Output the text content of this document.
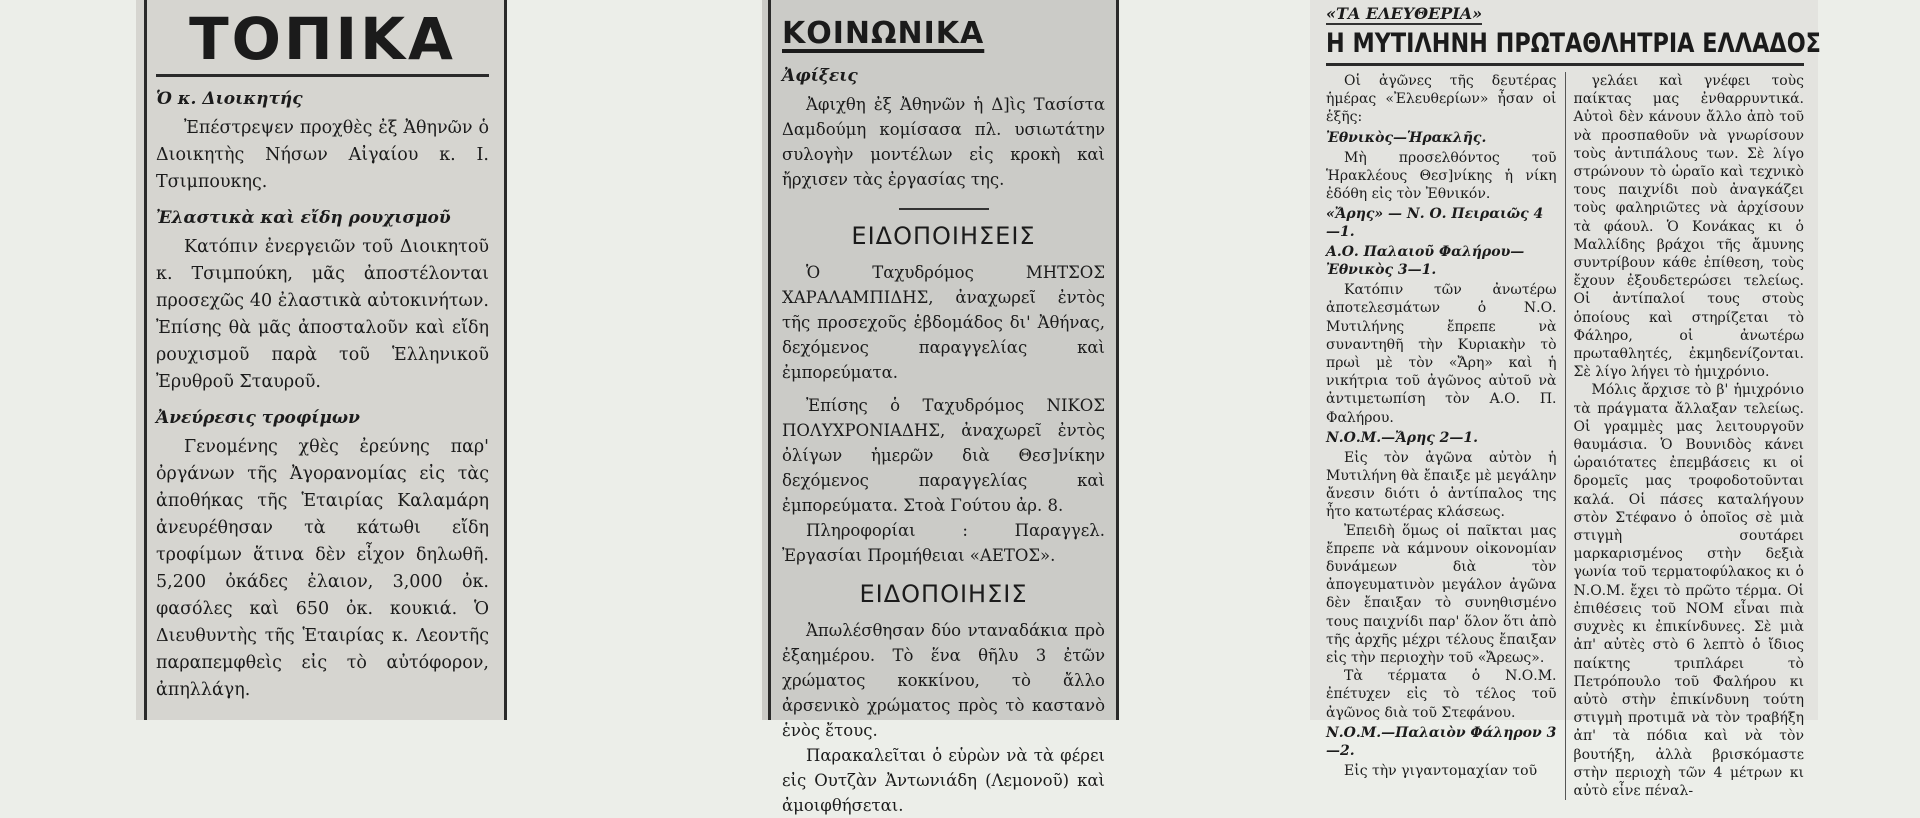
ΤΟΠΙΚΑ
Ὁ κ. Διοικητής

Ἐπέστρεψεν προχθὲς ἐξ Ἀθηνῶν ὁ Διοικητὴς Νήσων Αἰγαίου κ. Ι. Τσιμπουκης.

Ἐλαστικὰ καὶ εἴδη ρουχισμοῦ

Κατόπιν ἐνεργειῶν τοῦ Διοικητοῦ κ. Τσιμπούκη, μᾶς ἀποστέλονται προσεχῶς 40 ἐλαστικὰ αὐτοκινήτων. Ἐπίσης θὰ μᾶς ἀποσταλοῦν καὶ εἴδη ρουχισμοῦ παρὰ τοῦ Ἑλληνικοῦ Ἐρυθροῦ Σταυροῦ.

Ἀνεύρεσις τροφίμων

Γενομένης χθὲς ἐρεύνης παρ' ὀργάνων τῆς Ἀγορανομίας εἰς τὰς ἀποθήκας τῆς Ἑταιρίας Καλαμάρη ἀνευρέθησαν τὰ κάτωθι εἴδη τροφίμων ἅτινα δὲν εἶχον δηλωθῆ. 5,200 ὀκάδες ἐλαιον, 3,000 ὀκ. φασόλες καὶ 650 ὀκ. κουκιά. Ὁ Διευθυντὴς τῆς Ἑταιρίας κ. Λεοντῆς παραπεμφθεὶς εἰς τὸ αὐτόφορον, ἀπηλλάγη.

ΚΟΙΝΩΝΙΚΑ
Ἀφίξεις

Ἀφιχθη ἐξ Ἀθηνῶν ἡ Δ]ὶς Τασίστα Δαμδούμη κομίσασα πλ. υσιωτάτην συλογὴν μοντέλων εἰς κροκὴ καὶ ἤρχισεν τὰς ἐργασίας της.

ΕΙΔΟΠΟΙΗΣΕΙΣ

Ὁ Ταχυδρόμος ΜΗΤΣΟΣ ΧΑΡΑΛΑΜΠΙΔΗΣ, ἀναχωρεῖ ἐντὸς τῆς προσεχοῦς ἑβδομάδος δι' Ἀθήνας, δεχόμενος παραγγελίας καὶ ἐμπορεύματα.

Ἐπίσης ὁ Ταχυδρόμος ΝΙΚΟΣ ΠΟΛΥΧΡΟΝΙΑΔΗΣ, ἀναχωρεῖ ἐντὸς ὀλίγων ἡμερῶν διὰ Θεσ]νίκην δεχόμενος παραγγελίας καὶ ἐμπορεύματα. Στοὰ Γούτου ἀρ. 8.

Πληροφορίαι : Παραγγελ. Ἐργασίαι Προμήθειαι «ΑΕΤΟΣ».

ΕΙΔΟΠΟΙΗΣΙΣ

Ἀπωλέσθησαν δύο νταναδάκια πρὸ ἐξαημέρου. Τὸ ἕνα θῆλυ 3 ἐτῶν χρώματος κοκκίνου, τὸ ἄλλο ἀρσενικὸ χρώματος πρὸς τὸ καστανὸ ἑνὸς ἔτους.

Παρακαλεῖται ὁ εὑρὼν νὰ τὰ φέρει εἰς Ουτζὰν Ἀντωνιάδη (Λεμονοῦ) καὶ ἀμοιφθήσεται.

«ΤΑ ΕΛΕΥΘΕΡΙΑ»
Η ΜΥΤΙΛΗΝΗ ΠΡΩΤΑΘΛΗΤΡΙΑ ΕΛΛΑΔΟΣ

Οἱ ἀγῶνες τῆς δευτέρας ἡμέρας «Ἐλευθερίων» ἦσαν οἱ ἑξῆς:

Ἐθνικὸς—Ἡρακλῆς.

Μὴ προσελθόντος τοῦ Ἡρακλέους Θεσ]νίκης ἡ νίκη ἐδόθη εἰς τὸν Ἐθνικόν.

«Ἄρης» — Ν. Ο. Πειραιῶς 4—1.
Α.Ο. Παλαιοῦ Φαλήρου—Ἐθνικὸς 3—1.

Κατόπιν τῶν ἀνωτέρω ἀποτελεσμάτων ὁ Ν.Ο. Μυτιλήνης ἔπρεπε νὰ συναντηθῆ τὴν Κυριακὴν τὸ πρωὶ μὲ τὸν «Ἄρη» καὶ ἡ νικήτρια τοῦ ἀγῶνος αὐτοῦ νὰ ἀντιμετωπίση τὸν Α.Ο. Π. Φαλήρου.

Ν.Ο.Μ.—Ἄρης 2—1.

Εἰς τὸν ἀγῶνα αὐτὸν ἡ Μυτιλήνη θὰ ἔπαιξε μὲ μεγάλην ἄνεσιν διότι ὁ ἀντίπαλος της ἦτο κατωτέρας κλάσεως.

Ἐπειδὴ ὅμως οἱ παῖκται μας ἔπρεπε νὰ κάμνουν οἰκονομίαν δυνάμεων διὰ τὸν ἀπογευματινὸν μεγάλον ἀγῶνα δὲν ἔπαιξαν τὸ συνηθισμένο τους παιχνίδι παρ' ὅλον ὅτι ἀπὸ τῆς ἀρχῆς μέχρι τέλους ἔπαιξαν εἰς τὴν περιοχὴν τοῦ «Ἄρεως».

Τὰ τέρματα ὁ Ν.Ο.Μ. ἐπέτυχεν εἰς τὸ τέλος τοῦ ἀγῶνος διὰ τοῦ Στεφάνου.

Ν.Ο.Μ.—Παλαιὸν Φάληρον 3—2.

Εἰς τὴν γιγαντομαχίαν τοῦ

γελάει καὶ γνέφει τοὺς παίκτας μας ἐνθαρρυντικά. Αὐτοὶ δὲν κάνουν ἄλλο ἀπὸ τοῦ νὰ προσπαθοῦν νὰ γνωρίσουν τοὺς ἀντιπάλους των. Σὲ λίγο στρώνουν τὸ ὡραῖο καὶ τεχνικὸ τους παιχνίδι ποὺ ἀναγκάζει τοὺς φαληριῶτες νὰ ἀρχίσουν τὰ φάουλ. Ὁ Κονάκας κι ὁ Μαλλίδης βράχοι τῆς ἄμυνης συντρίβουν κάθε ἐπίθεση, τοὺς ἔχουν ἐξουδετερώσει τελείως. Οἱ ἀντίπαλοί τους στοὺς ὁποίους καὶ στηρίζεται τὸ Φάληρο, οἱ ἀνωτέρω πρωταθλητές, ἐκμηδενίζονται. Σὲ λίγο λήγει τὸ ἡμιχρόνιο.

Μόλις ἄρχισε τὸ β' ἡμιχρόνιο τὰ πράγματα ἄλλαξαν τελείως. Οἱ γραμμὲς μας λειτουργοῦν θαυμάσια. Ὁ Βουνιδὸς κάνει ὡραιότατες ἐπεμβάσεις κι οἱ δρομεῖς μας τροφοδοτοῦνται καλά. Οἱ πάσες καταλήγουν στὸν Στέφανο ὁ ὁποῖος σὲ μιὰ στιγμὴ σουτάρει μαρκαρισμένος στὴν δεξιὰ γωνία τοῦ τερματοφύλακος κι ὁ Ν.Ο.Μ. ἔχει τὸ πρῶτο τέρμα. Οἱ ἐπιθέσεις τοῦ ΝΟΜ εἶναι πιὰ συχνὲς κι ἐπικίνδυνες. Σὲ μιὰ ἀπ' αὐτὲς στὸ 6 λεπτὸ ὁ ἴδιος παίκτης τριπλάρει τὸ Πετρόπουλο τοῦ Φαλήρου κι αὐτὸ στὴν ἐπικίνδυνη τούτη στιγμὴ προτιμᾶ νὰ τὸν τραβήξη ἀπ' τὰ πόδια καὶ νὰ τὸν βουτήξη, ἀλλὰ βρισκόμαστε στὴν περιοχὴ τῶν 4 μέτρων κι αὐτὸ εἶνε πέναλ-
